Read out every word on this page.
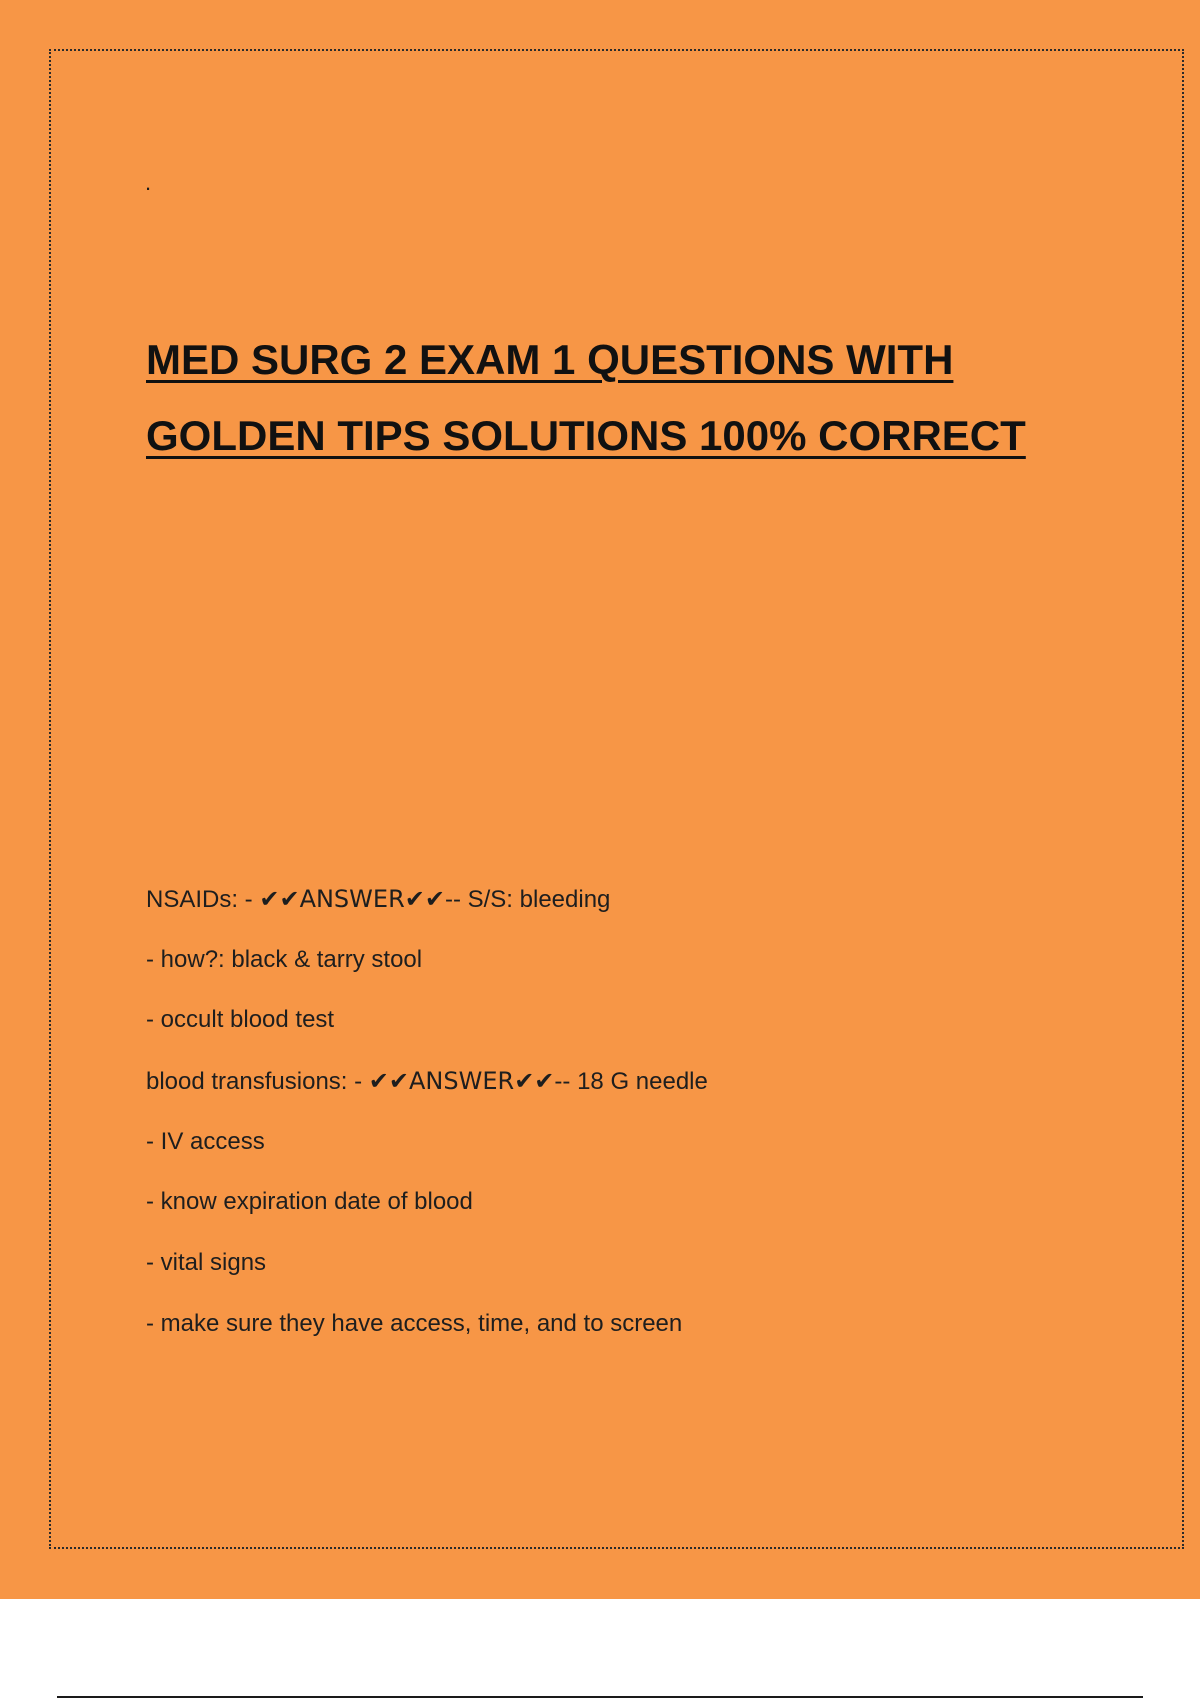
.
MED SURG 2 EXAM 1 QUESTIONS WITH
GOLDEN TIPS SOLUTIONS 100% CORRECT
NSAIDs: - ✔✔ANSWER✔✔-- S/S: bleeding
- how?: black & tarry stool
- occult blood test
blood transfusions: - ✔✔ANSWER✔✔-- 18 G needle
- IV access
- know expiration date of blood
- vital signs
- make sure they have access, time, and to screen
